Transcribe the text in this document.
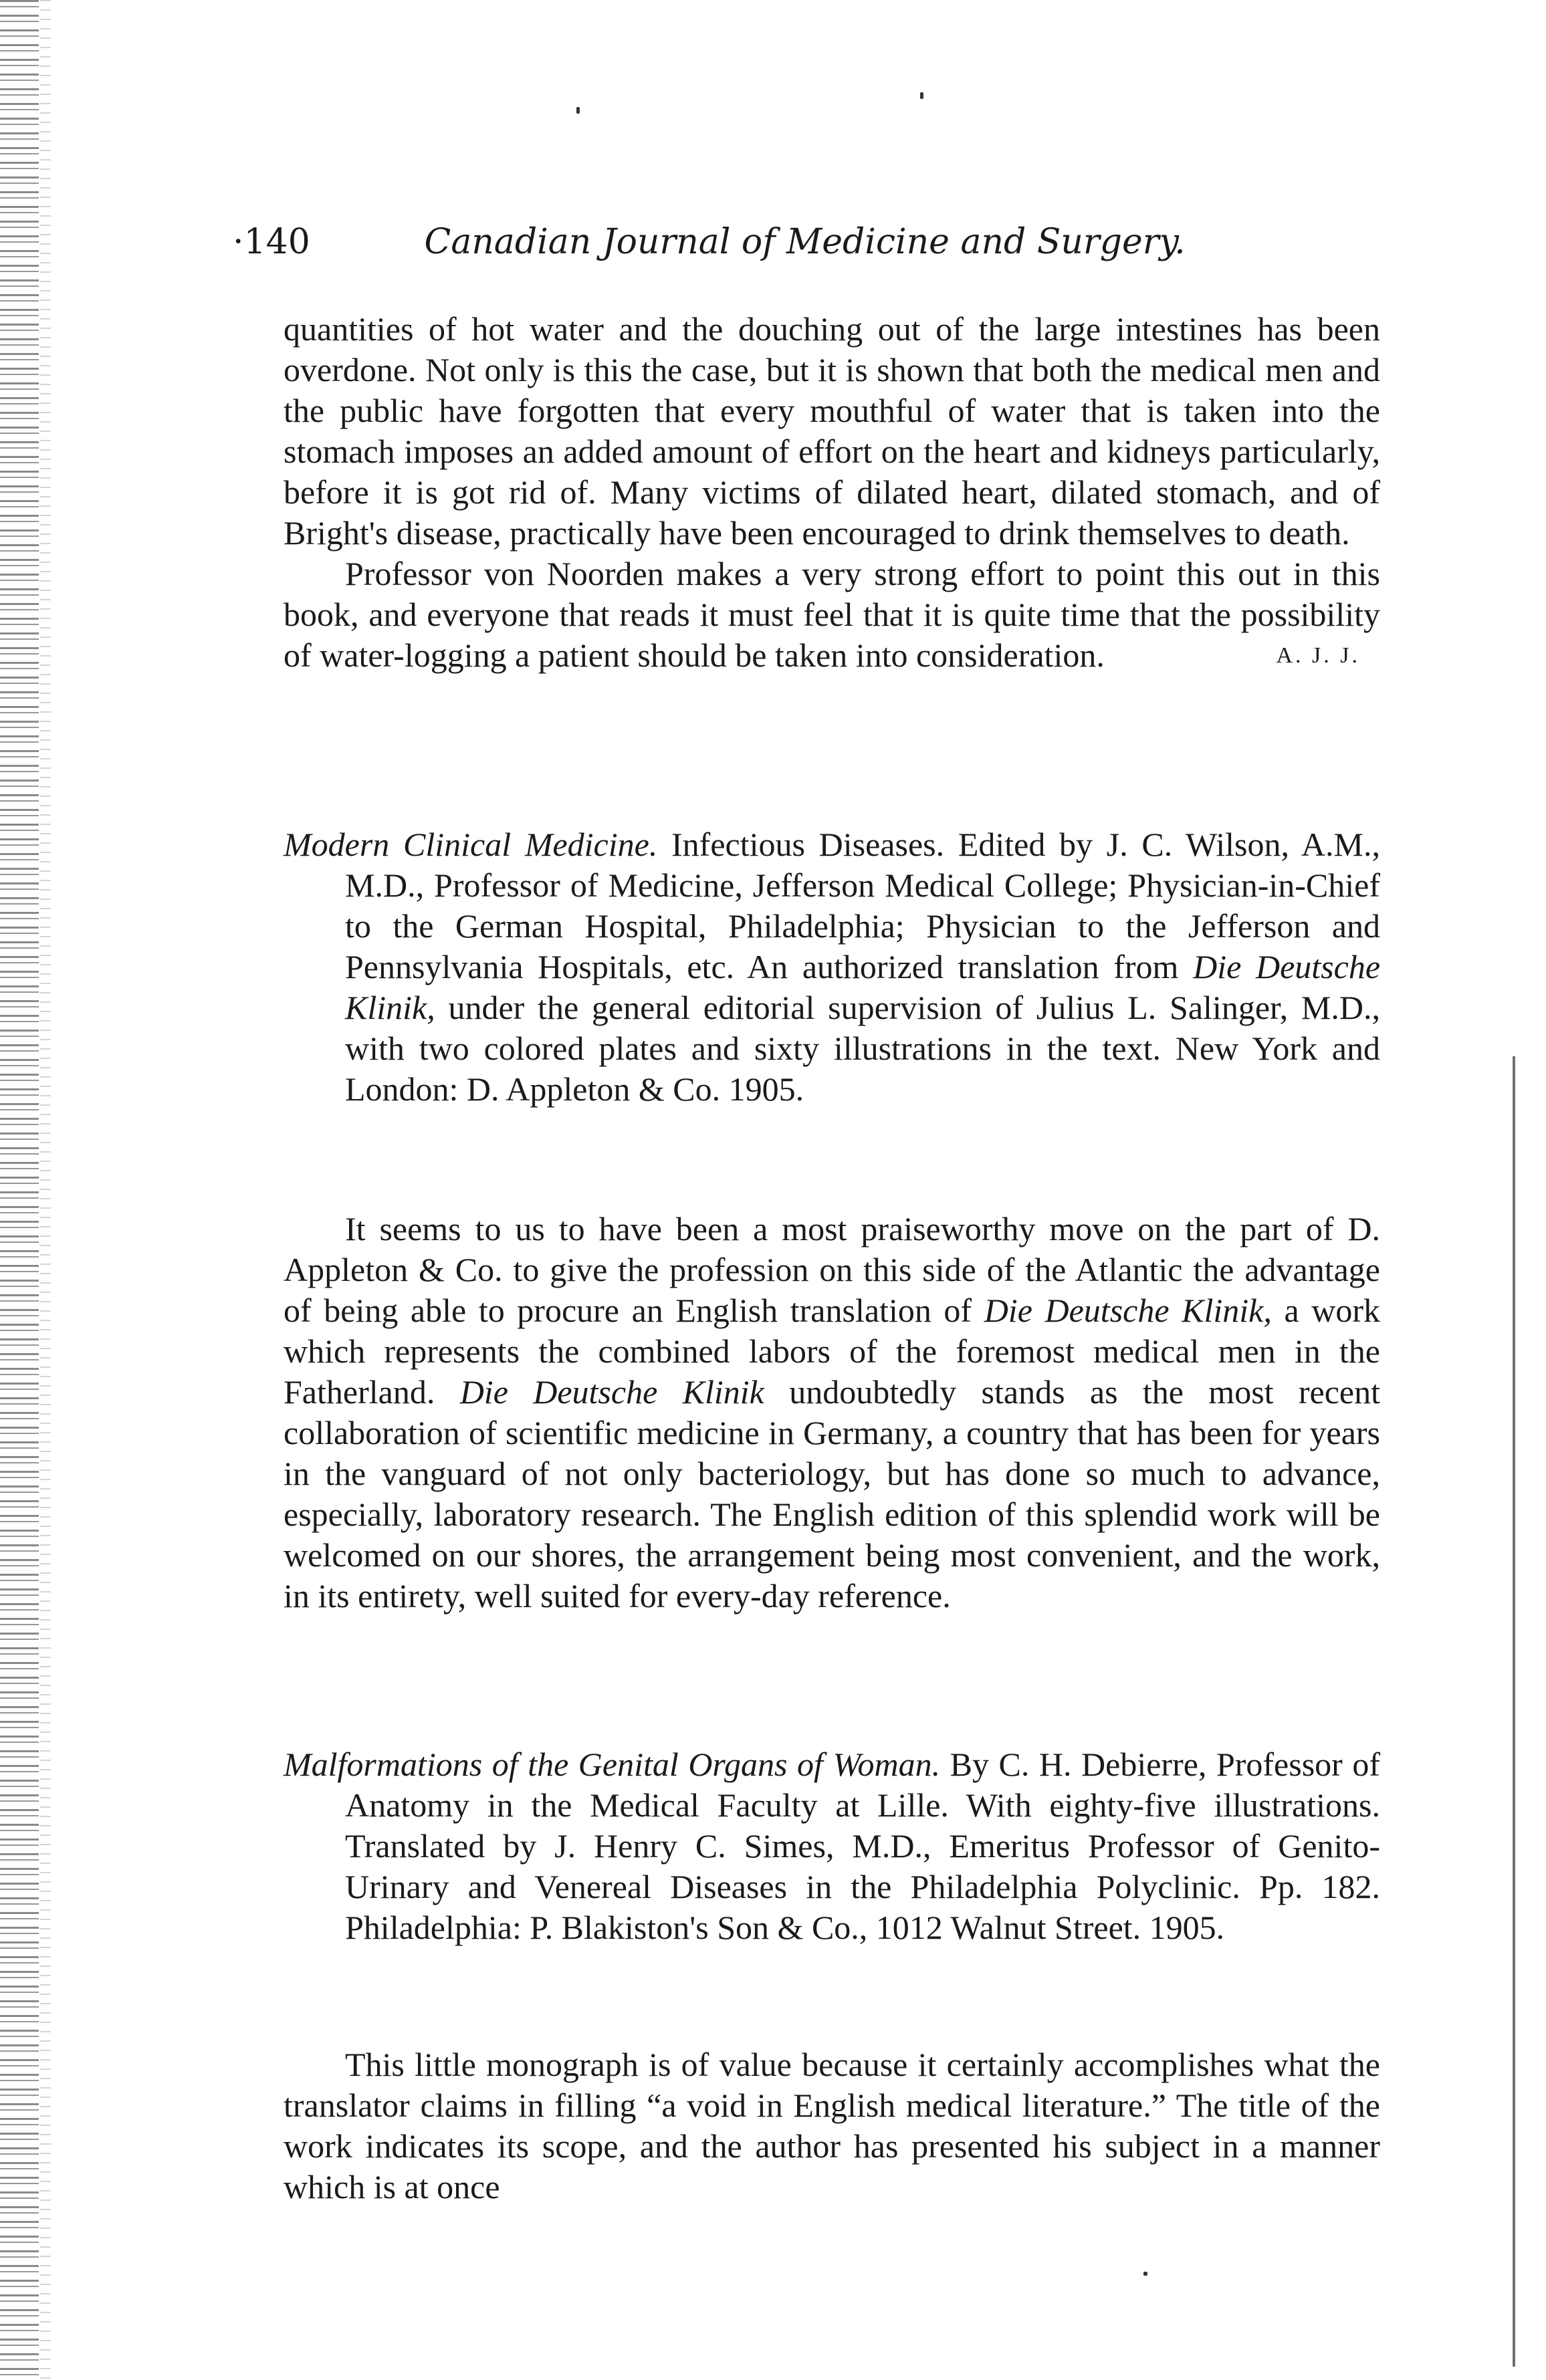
·140	Canadian Journal of Medicine and Surgery.

quantities of hot water and the douching out of the large intestines has been overdone. Not only is this the case, but it is shown that both the medical men and the public have forgotten that every mouthful of water that is taken into the stomach imposes an added amount of effort on the heart and kidneys particularly, before it is got rid of. Many victims of dilated heart, dilated stomach, and of Bright's disease, practically have been encouraged to drink themselves to death.

Professor von Noorden makes a very strong effort to point this out in this book, and everyone that reads it must feel that it is quite time that the possibility of water-logging a patient should be taken into consideration.	A. J. J.

Modern Clinical Medicine. Infectious Diseases. Edited by J. C. Wilson, A.M., M.D., Professor of Medicine, Jefferson Medical College; Physician-in-Chief to the German Hospital, Philadelphia; Physician to the Jefferson and Pennsylvania Hospitals, etc. An authorized translation from Die Deutsche Klinik, under the general editorial supervision of Julius L. Salinger, M.D., with two colored plates and sixty illustrations in the text. New York and London: D. Appleton & Co. 1905.

It seems to us to have been a most praiseworthy move on the part of D. Appleton & Co. to give the profession on this side of the Atlantic the advantage of being able to procure an English translation of Die Deutsche Klinik, a work which represents the combined labors of the foremost medical men in the Fatherland. Die Deutsche Klinik undoubtedly stands as the most recent collaboration of scientific medicine in Germany, a country that has been for years in the vanguard of not only bacteriology, but has done so much to advance, especially, laboratory research. The English edition of this splendid work will be welcomed on our shores, the arrangement being most convenient, and the work, in its entirety, well suited for every-day reference.

Malformations of the Genital Organs of Woman. By C. H. Debierre, Professor of Anatomy in the Medical Faculty at Lille. With eighty-five illustrations. Translated by J. Henry C. Simes, M.D., Emeritus Professor of Genito-Urinary and Venereal Diseases in the Philadelphia Polyclinic. Pp. 182. Philadelphia: P. Blakiston's Son & Co., 1012 Walnut Street. 1905.

This little monograph is of value because it certainly accomplishes what the translator claims in filling “a void in English medical literature.” The title of the work indicates its scope, and the author has presented his subject in a manner which is at once
